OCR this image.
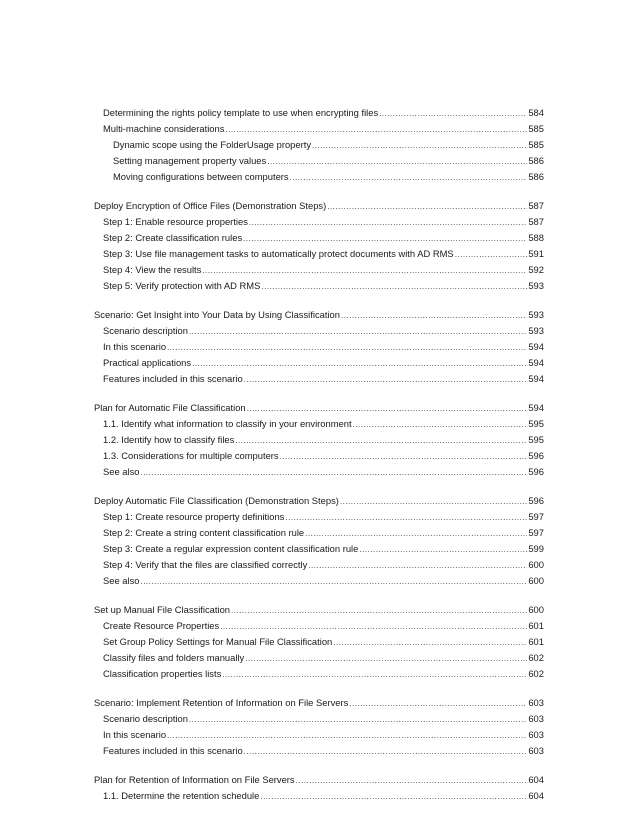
Determining the rights policy template to use when encrypting files .....	584
Multi-machine considerations .....	585
Dynamic scope using the FolderUsage property .....	585
Setting management property values .....	586
Moving configurations between computers .....	586
Deploy Encryption of Office Files (Demonstration Steps) .....	587
Step 1: Enable resource properties .....	587
Step 2: Create classification rules .....	588
Step 3: Use file management tasks to automatically protect documents with AD RMS .....	591
Step 4: View the results .....	592
Step 5: Verify protection with AD RMS .....	593
Scenario: Get Insight into Your Data by Using Classification .....	593
Scenario description .....	593
In this scenario .....	594
Practical applications .....	594
Features included in this scenario .....	594
Plan for Automatic File Classification .....	594
1.1. Identify what information to classify in your environment .....	595
1.2. Identify how to classify files .....	595
1.3. Considerations for multiple computers .....	596
See also .....	596
Deploy Automatic File Classification (Demonstration Steps) .....	596
Step 1: Create resource property definitions .....	597
Step 2: Create a string content classification rule .....	597
Step 3: Create a regular expression content classification rule .....	599
Step 4: Verify that the files are classified correctly .....	600
See also .....	600
Set up Manual File Classification .....	600
Create Resource Properties .....	601
Set Group Policy Settings for Manual File Classification .....	601
Classify files and folders manually .....	602
Classification properties lists .....	602
Scenario: Implement Retention of Information on File Servers .....	603
Scenario description .....	603
In this scenario .....	603
Features included in this scenario .....	603
Plan for Retention of Information on File Servers .....	604
1.1. Determine the retention schedule .....	604
